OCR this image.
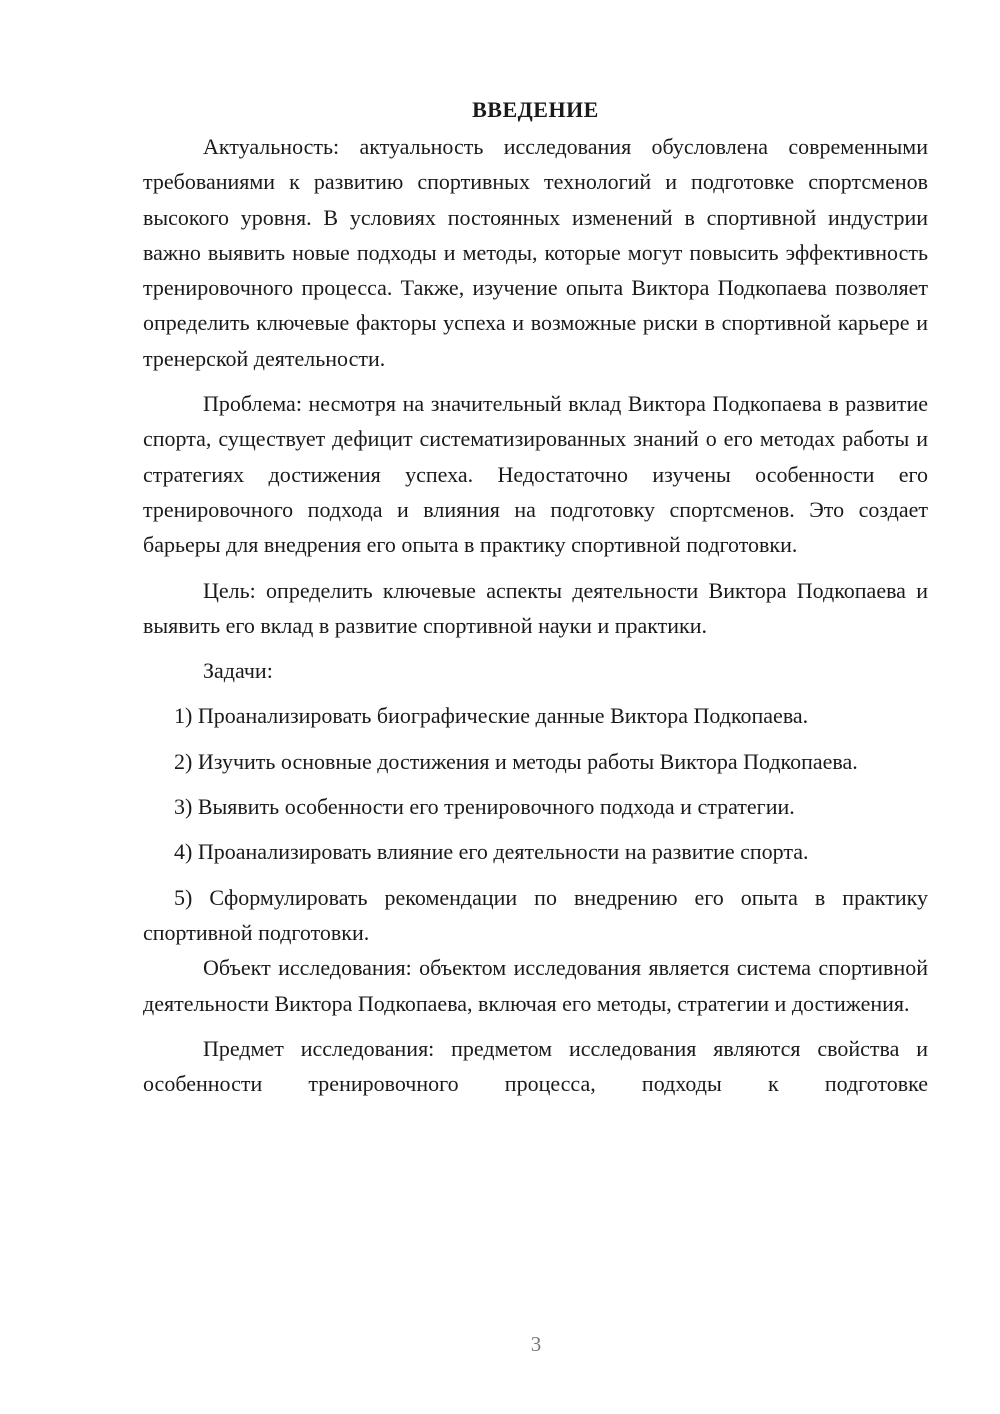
ВВЕДЕНИЕ

Актуальность: актуальность исследования обусловлена современными требованиями к развитию спортивных технологий и подготовке спортсменов высокого уровня. В условиях постоянных изменений в спортивной индустрии важно выявить новые подходы и методы, которые могут повысить эффективность тренировочного процесса. Также, изучение опыта Виктора Подкопаева позволяет определить ключевые факторы успеха и возможные риски в спортивной карьере и тренерской деятельности.

Проблема: несмотря на значительный вклад Виктора Подкопаева в развитие спорта, существует дефицит систематизированных знаний о его методах работы и стратегиях достижения успеха. Недостаточно изучены особенности его тренировочного подхода и влияния на подготовку спортсменов. Это создает барьеры для внедрения его опыта в практику спортивной подготовки.

Цель: определить ключевые аспекты деятельности Виктора Подкопаева и выявить его вклад в развитие спортивной науки и практики.

Задачи:

1) Проанализировать биографические данные Виктора Подкопаева.

2) Изучить основные достижения и методы работы Виктора Подкопаева.

3) Выявить особенности его тренировочного подхода и стратегии.

4) Проанализировать влияние его деятельности на развитие спорта.

5) Сформулировать рекомендации по внедрению его опыта в практику спортивной подготовки.

Объект исследования: объектом исследования является система спортивной деятельности Виктора Подкопаева, включая его методы, стратегии и достижения.

Предмет исследования: предметом исследования являются свойства и особенности тренировочного процесса, подходы к подготовке

3
